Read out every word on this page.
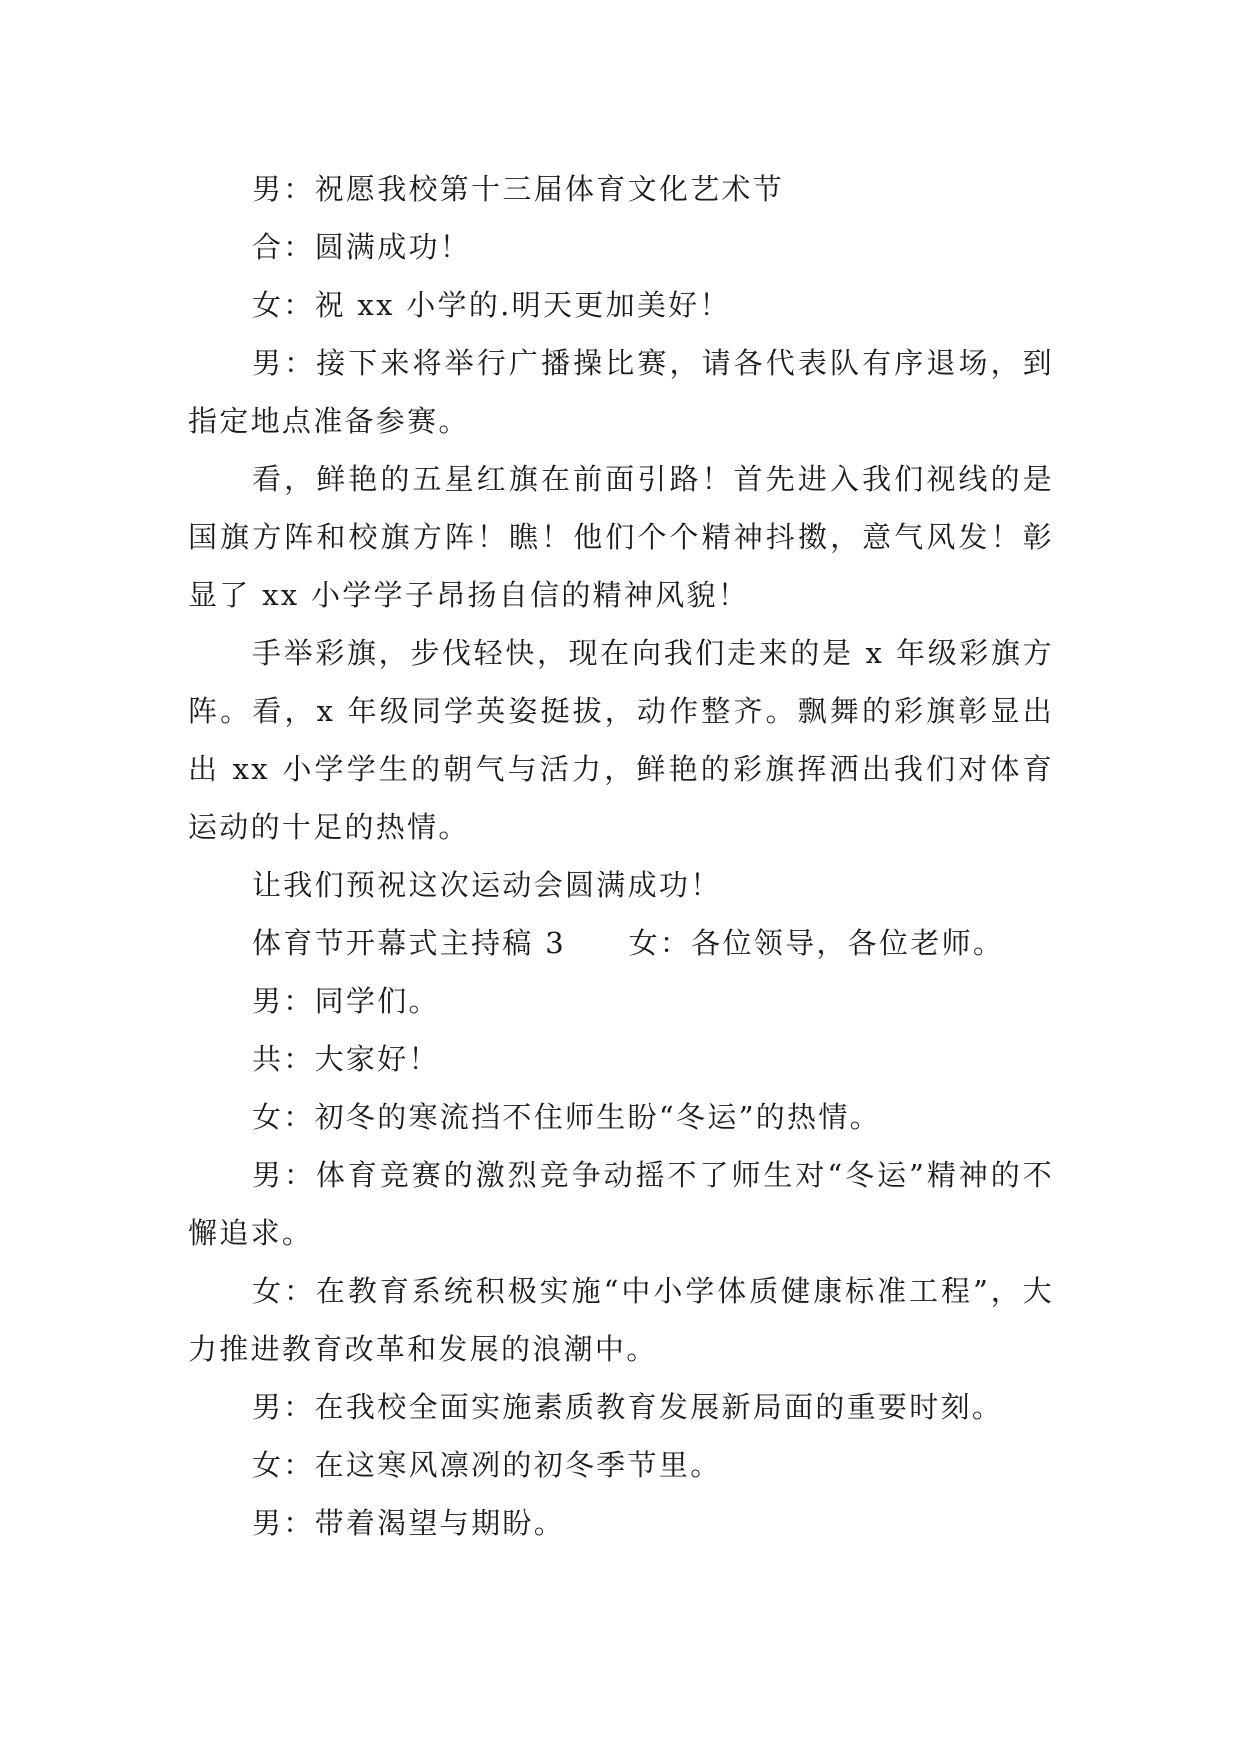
男：祝愿我校第十三届体育文化艺术节

合：圆满成功！

女：祝 xx 小学的.明天更加美好！

男：接下来将举行广播操比赛，请各代表队有序退场，到指定地点准备参赛。

看，鲜艳的五星红旗在前面引路！首先进入我们视线的是国旗方阵和校旗方阵！瞧！他们个个精神抖擞，意气风发！彰显了 xx 小学学子昂扬自信的精神风貌！

手举彩旗，步伐轻快，现在向我们走来的是 x 年级彩旗方阵。看，x 年级同学英姿挺拔，动作整齐。飘舞的彩旗彰显出出 xx 小学学生的朝气与活力，鲜艳的彩旗挥洒出我们对体育运动的十足的热情。

让我们预祝这次运动会圆满成功！

体育节开幕式主持稿 3　　女：各位领导，各位老师。

男：同学们。

共：大家好！

女：初冬的寒流挡不住师生盼“冬运”的热情。

男：体育竞赛的激烈竞争动摇不了师生对“冬运”精神的不懈追求。

女：在教育系统积极实施“中小学体质健康标准工程”，大力推进教育改革和发展的浪潮中。

男：在我校全面实施素质教育发展新局面的重要时刻。

女：在这寒风凛冽的初冬季节里。

男：带着渴望与期盼。
